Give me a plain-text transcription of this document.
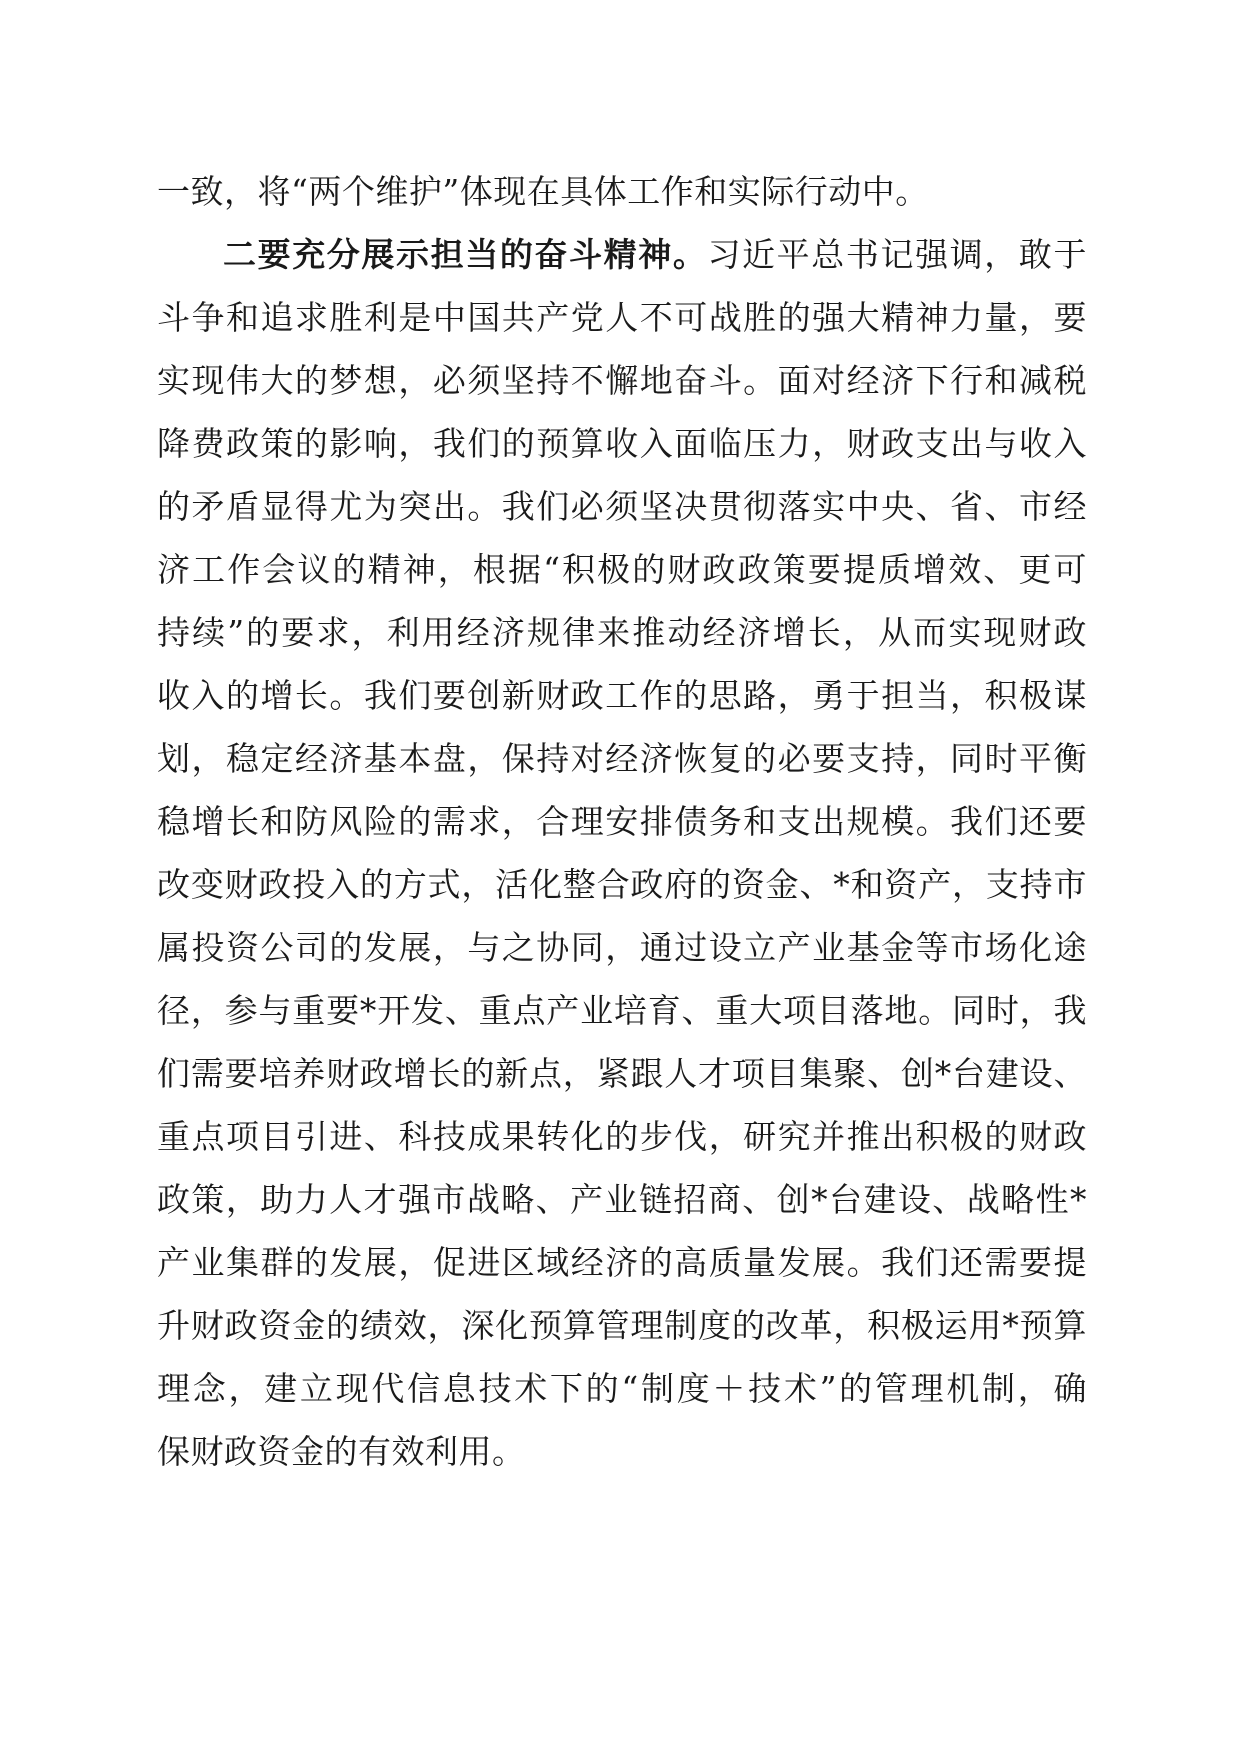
一致，将“两个维护”体现在具体工作和实际行动中。
二要充分展示担当的奋斗精神。习近平总书记强调，敢于
斗争和追求胜利是中国共产党人不可战胜的强大精神力量，要
实现伟大的梦想，必须坚持不懈地奋斗。面对经济下行和减税
降费政策的影响，我们的预算收入面临压力，财政支出与收入
的矛盾显得尤为突出。我们必须坚决贯彻落实中央、省、市经
济工作会议的精神，根据“积极的财政政策要提质增效、更可
持续”的要求，利用经济规律来推动经济增长，从而实现财政
收入的增长。我们要创新财政工作的思路，勇于担当，积极谋
划，稳定经济基本盘，保持对经济恢复的必要支持，同时平衡
稳增长和防风险的需求，合理安排债务和支出规模。我们还要
改变财政投入的方式，活化整合政府的资金、*和资产，支持市
属投资公司的发展，与之协同，通过设立产业基金等市场化途
径，参与重要*开发、重点产业培育、重大项目落地。同时，我
们需要培养财政增长的新点，紧跟人才项目集聚、创*台建设、
重点项目引进、科技成果转化的步伐，研究并推出积极的财政
政策，助力人才强市战略、产业链招商、创*台建设、战略性*
产业集群的发展，促进区域经济的高质量发展。我们还需要提
升财政资金的绩效，深化预算管理制度的改革，积极运用*预算
理念，建立现代信息技术下的“制度＋技术”的管理机制，确
保财政资金的有效利用。
